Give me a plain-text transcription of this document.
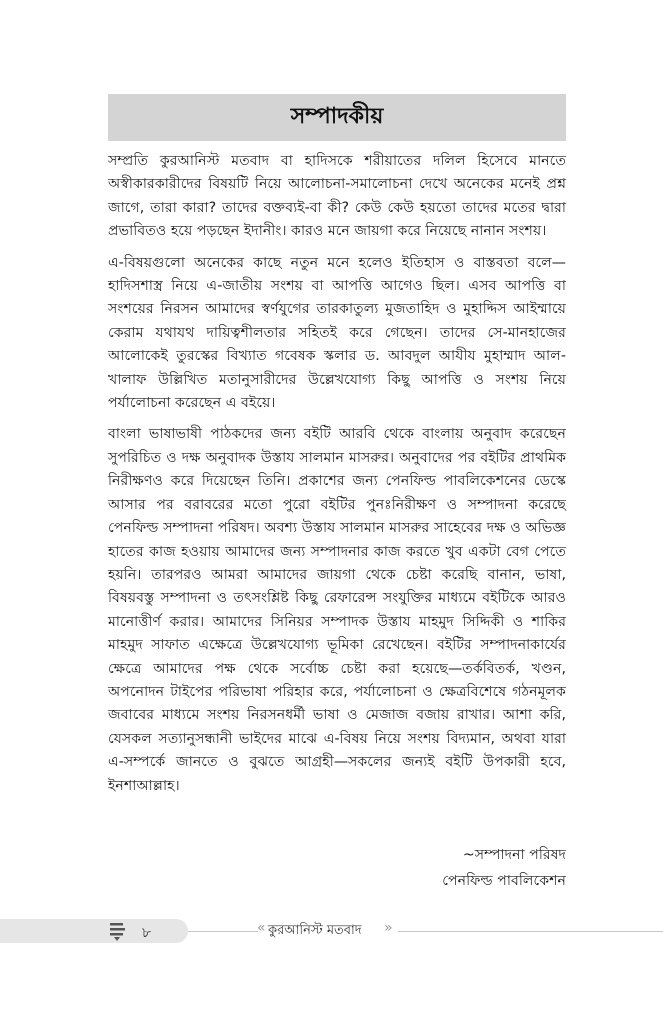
সম্পাদকীয়

সম্প্রতি কুরআনিস্ট মতবাদ বা হাদিসকে শরীয়াতের দলিল হিসেবে মানতে অস্বীকারকারীদের বিষয়টি নিয়ে আলোচনা-সমালোচনা দেখে অনেকের মনেই প্রশ্ন জাগে, তারা কারা? তাদের বক্তব্যই-বা কী? কেউ কেউ হয়তো তাদের মতের দ্বারা প্রভাবিতও হয়ে পড়ছেন ইদানীং। কারও মনে জায়গা করে নিয়েছে নানান সংশয়।

এ-বিষয়গুলো অনেকের কাছে নতুন মনে হলেও ইতিহাস ও বাস্তবতা বলে—হাদিসশাস্ত্র নিয়ে এ-জাতীয় সংশয় বা আপত্তি আগেও ছিল। এসব আপত্তি বা সংশয়ের নিরসন আমাদের স্বর্ণযুগের তারকাতুল্য মুজতাহিদ ও মুহাদ্দিস আইম্মায়ে কেরাম যথাযথ দায়িত্বশীলতার সহিতই করে গেছেন। তাদের সে-মানহাজের আলোকেই তুরস্কের বিখ্যাত গবেষক স্কলার ড. আবদুল আযীয মুহাম্মাদ আল-খালাফ উল্লিখিত মতানুসারীদের উল্লেখযোগ্য কিছু আপত্তি ও সংশয় নিয়ে পর্যালোচনা করেছেন এ বইয়ে।

বাংলা ভাষাভাষী পাঠকদের জন্য বইটি আরবি থেকে বাংলায় অনুবাদ করেছেন সুপরিচিত ও দক্ষ অনুবাদক উস্তায সালমান মাসরুর। অনুবাদের পর বইটির প্রাথমিক নিরীক্ষণও করে দিয়েছেন তিনি। প্রকাশের জন্য পেনফিল্ড পাবলিকেশনের ডেস্কে আসার পর বরাবরের মতো পুরো বইটির পুনঃনিরীক্ষণ ও সম্পাদনা করেছে পেনফিল্ড সম্পাদনা পরিষদ। অবশ্য উস্তায সালমান মাসরুর সাহেবের দক্ষ ও অভিজ্ঞ হাতের কাজ হওয়ায় আমাদের জন্য সম্পাদনার কাজ করতে খুব একটা বেগ পেতে হয়নি। তারপরও আমরা আমাদের জায়গা থেকে চেষ্টা করেছি বানান, ভাষা, বিষয়বস্তু সম্পাদনা ও তৎসংশ্লিষ্ট কিছু রেফারেন্স সংযুক্তির মাধ্যমে বইটিকে আরও মানোত্তীর্ণ করার। আমাদের সিনিয়র সম্পাদক উস্তায মাহমুদ সিদ্দিকী ও শাকির মাহমুদ সাফাত এক্ষেত্রে উল্লেখযোগ্য ভূমিকা রেখেছেন। বইটির সম্পাদনাকার্যের ক্ষেত্রে আমাদের পক্ষ থেকে সর্বোচ্চ চেষ্টা করা হয়েছে—তর্কবিতর্ক, খণ্ডন, অপনোদন টাইপের পরিভাষা পরিহার করে, পর্যালোচনা ও ক্ষেত্রবিশেষে গঠনমূলক জবাবের মাধ্যমে সংশয় নিরসনধর্মী ভাষা ও মেজাজ বজায় রাখার। আশা করি, যেসকল সত্যানুসন্ধানী ভাইদের মাঝে এ-বিষয় নিয়ে সংশয় বিদ্যমান, অথবা যারা এ-সম্পর্কে জানতে ও বুঝতে আগ্রহী—সকলের জন্যই বইটি উপকারী হবে, ইনশাআল্লাহ।

~সম্পাদনা পরিষদ
পেনফিল্ড পাবলিকেশন
৮	« কুরআনিস্ট মতবাদ »
